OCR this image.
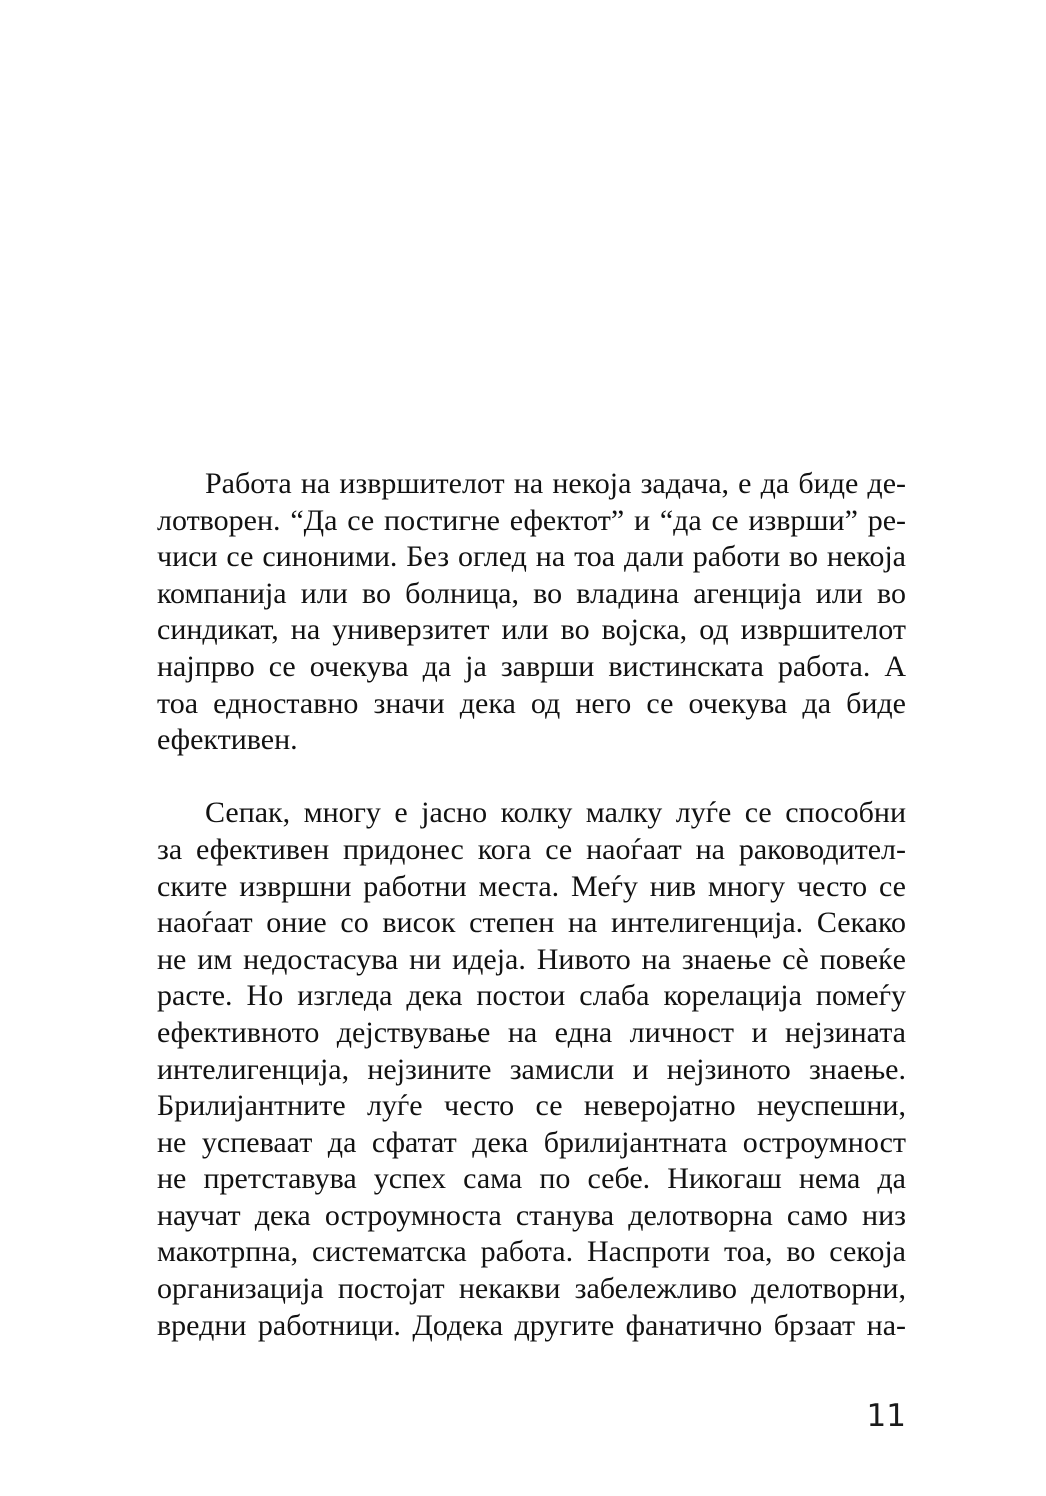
Работа на извршителот на некоја задача, е да биде де-
лотворен. “Да се постигне ефектот” и “да се изврши” ре-
чиси се синоними. Без оглед на тоа дали работи во некоја
компанија или во болница, во владина агенција или во
синдикат, на универзитет или во војска, од извршителот
најпрво се очекува да ја заврши вистинската работа. А
тоа едноставно значи дека од него се очекува да биде
ефективен.
Сепак, многу е јасно колку малку луѓе се способни
за ефективен придонес кога се наоѓаат на раководител-
ските извршни работни места. Меѓу нив многу често се
наоѓаат оние со висок степен на интелигенција. Секако
не им недостасува ни идеја. Нивото на знаење сѐ повеќе
расте. Но изгледа дека постои слаба корелација помеѓу
ефективното дејствување на една личност и нејзината
интелигенција, нејзините замисли и нејзиното знаење.
Брилијантните луѓе често се неверојатно неуспешни,
не успеваат да сфатат дека брилијантната остроумност
не претставува успех сама по себе. Никогаш нема да
научат дека остроумноста станува делотворна само низ
макотрпна, систематска работа. Наспроти тоа, во секоја
организација постојат некакви забележливо делотворни,
вредни работници. Додека другите фанатично брзаат на-
11
